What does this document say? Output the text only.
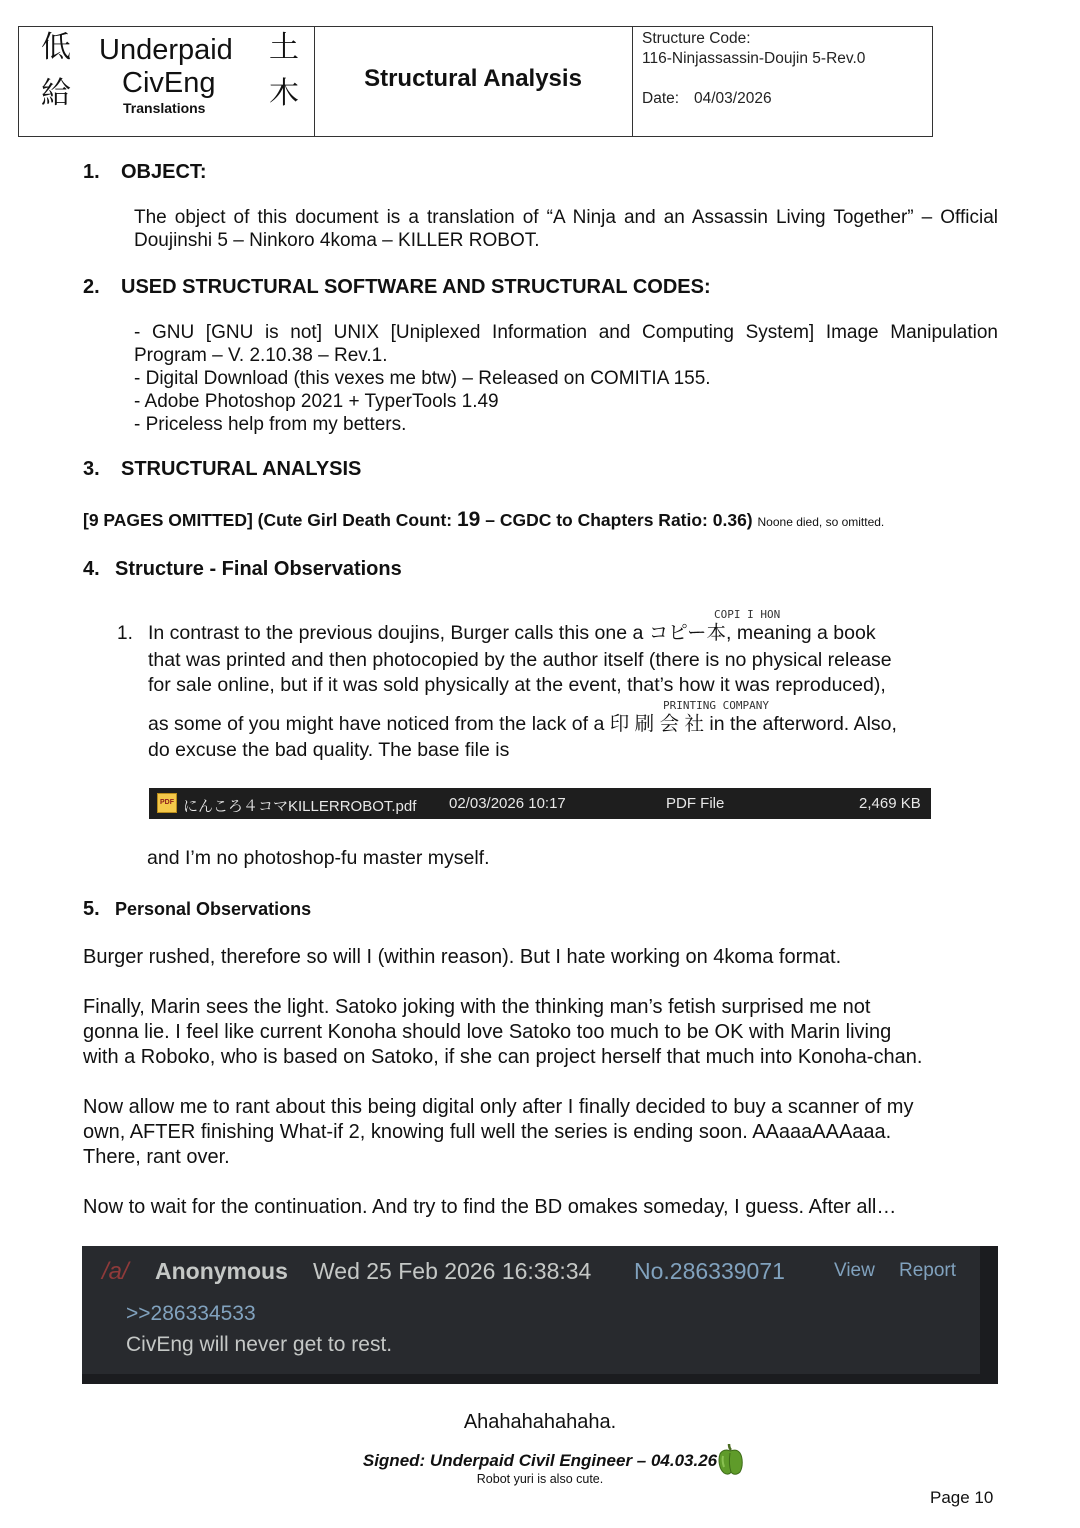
低
給
土
木
Underpaid
CivEng
Translations
Structural Analysis
Structure Code:
116-Ninjassassin-Doujin 5-Rev.0
Date: 04/03/2026
1. OBJECT:
The object of this document is a translation of “A Ninja and an Assassin Living Together” – Official
Doujinshi 5 – Ninkoro 4koma – KILLER ROBOT.
2. USED STRUCTURAL SOFTWARE AND STRUCTURAL CODES:
- GNU [GNU is not] UNIX [Uniplexed Information and Computing System] Image Manipulation
Program – V. 2.10.38 – Rev.1.
- Digital Download (this vexes me btw) – Released on COMITIA 155.
- Adobe Photoshop 2021 + TyperTools 1.49
- Priceless help from my betters.
3. STRUCTURAL ANALYSIS
[9 PAGES OMITTED] (Cute Girl Death Count: 19 – CGDC to Chapters Ratio: 0.36) Noone died, so omitted.
4. Structure - Final Observations
COPI I HON
1. In contrast to the previous doujins, Burger calls this one a コピー本, meaning a book
that was printed and then photocopied by the author itself (there is no physical release
for sale online, but if it was sold physically at the event, that’s how it was reproduced),
PRINTING COMPANY
as some of you might have noticed from the lack of a 印 刷 会 社 in the afterword. Also,
do excuse the bad quality. The base file is
PDF にんころ４コマKILLERROBOT.pdf 02/03/2026 10:17	PDF File	2,469 KB
and I’m no photoshop-fu master myself.
5. Personal Observations
Burger rushed, therefore so will I (within reason). But I hate working on 4koma format.
Finally, Marin sees the light. Satoko joking with the thinking man’s fetish surprised me not
gonna lie. I feel like current Konoha should love Satoko too much to be OK with Marin living
with a Roboko, who is based on Satoko, if she can project herself that much into Konoha-chan.
Now allow me to rant about this being digital only after I finally decided to buy a scanner of my
own, AFTER finishing What-if 2, knowing full well the series is ending soon. AAaaaAAAaaa.
There, rant over.
Now to wait for the continuation. And try to find the BD omakes someday, I guess. After all…
/a/ Anonymous Wed 25 Feb 2026 16:38:34 No.286339071	View Report
>>286334533
CivEng will never get to rest.
Ahahahahahaha.
Signed: Underpaid Civil Engineer – 04.03.26
Robot yuri is also cute.
Page 10
